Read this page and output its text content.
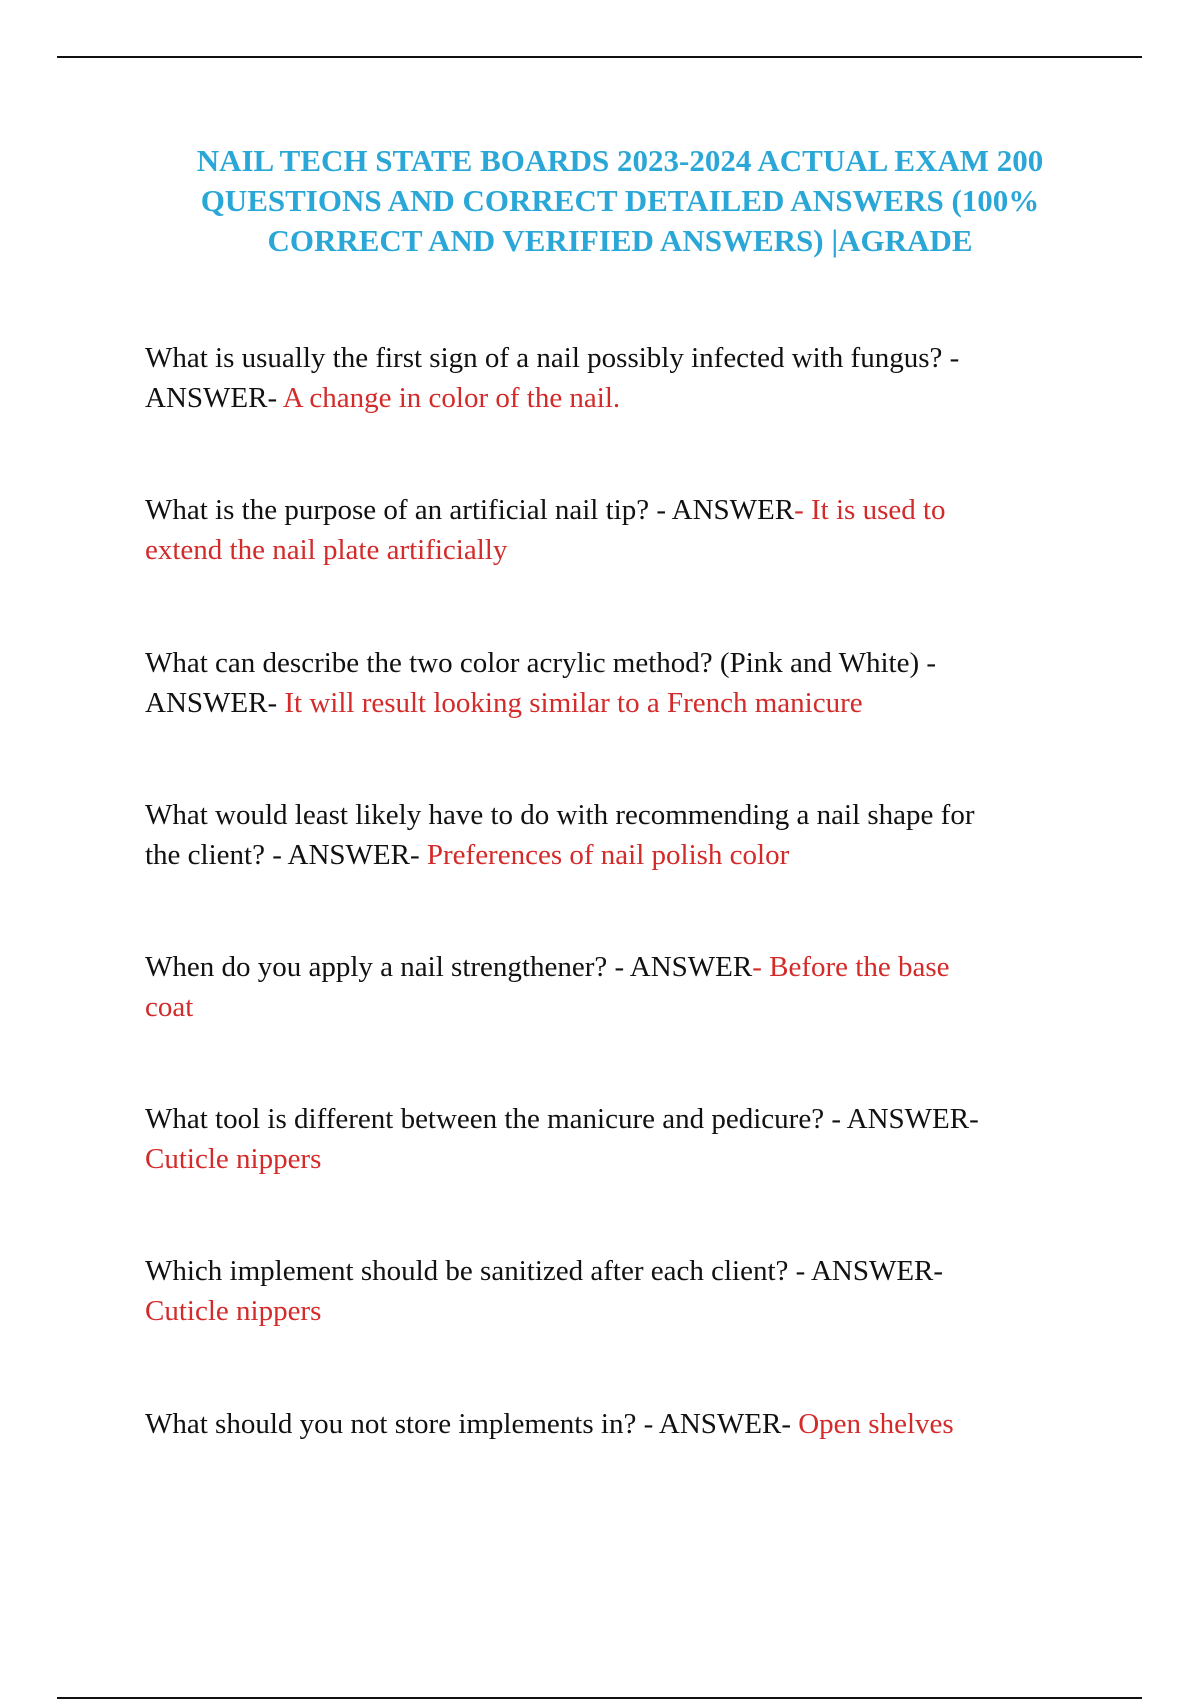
NAIL TECH STATE BOARDS 2023-2024 ACTUAL EXAM 200
QUESTIONS AND CORRECT DETAILED ANSWERS (100%
CORRECT AND VERIFIED ANSWERS) |AGRADE
What is usually the first sign of a nail possibly infected with fungus? -
ANSWER- A change in color of the nail.
What is the purpose of an artificial nail tip? - ANSWER- It is used to
extend the nail plate artificially
What can describe the two color acrylic method? (Pink and White) -
ANSWER- It will result looking similar to a French manicure
What would least likely have to do with recommending a nail shape for
the client? - ANSWER- Preferences of nail polish color
When do you apply a nail strengthener? - ANSWER- Before the base
coat
What tool is different between the manicure and pedicure? - ANSWER-
Cuticle nippers
Which implement should be sanitized after each client? - ANSWER-
Cuticle nippers
What should you not store implements in? - ANSWER- Open shelves
